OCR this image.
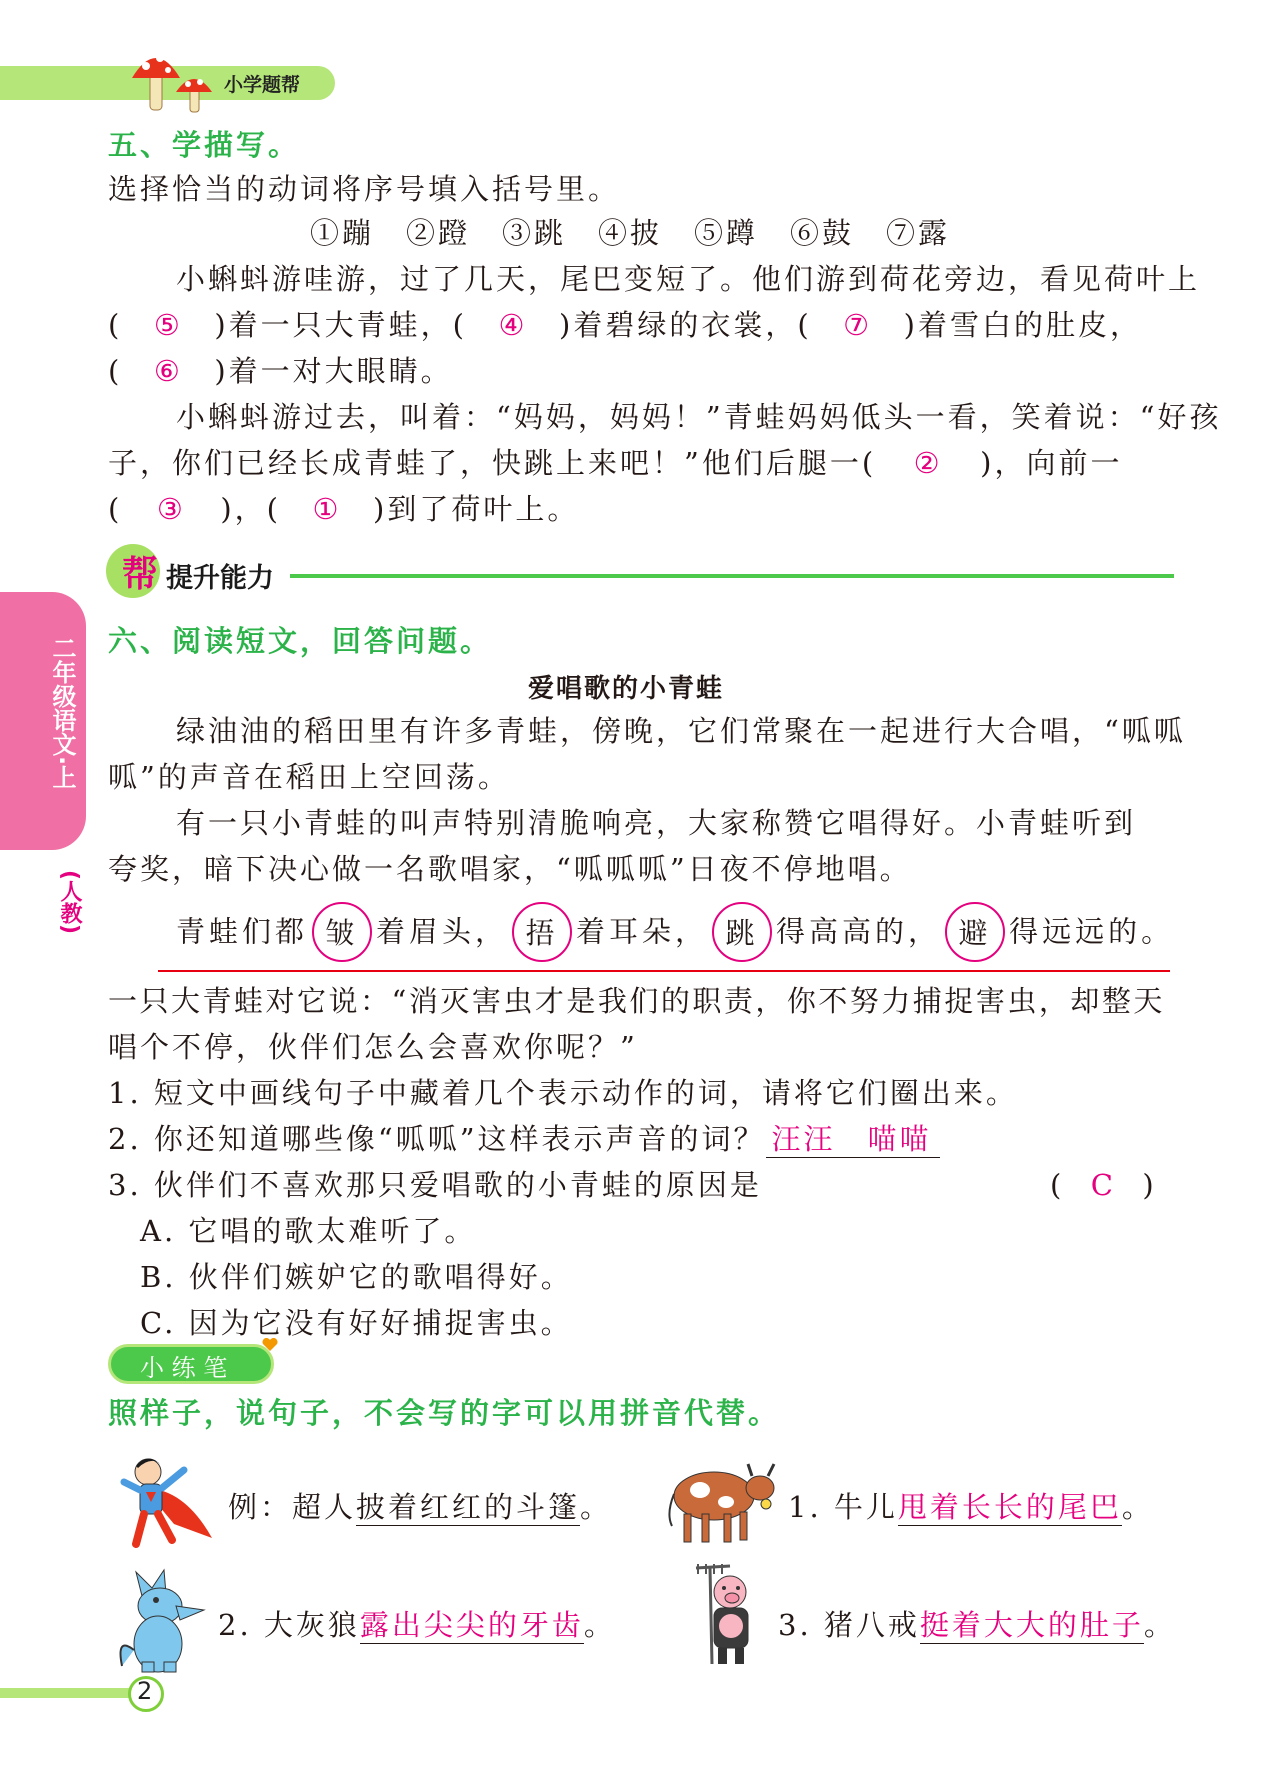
小学题帮
二年级语文·上
(人教)
五、学描写。
选择恰当的动词将序号填入括号里。
①蹦　②蹬　③跳　④披　⑤蹲　⑥鼓　⑦露
小蝌蚪游哇游，过了几天，尾巴变短了。他们游到荷花旁边，看见荷叶上
( ⑤ )着一只大青蛙，( ④ )着碧绿的衣裳，( ⑦ )着雪白的肚皮，
( ⑥ )着一对大眼睛。
小蝌蚪游过去，叫着：“妈妈，妈妈！”青蛙妈妈低头一看，笑着说：“好孩
子，你们已经长成青蛙了，快跳上来吧！”他们后腿一( ② )，向前一
( ③ )，( ① )到了荷叶上。
帮 提升能力
六、阅读短文，回答问题。
爱唱歌的小青蛙
绿油油的稻田里有许多青蛙，傍晚，它们常聚在一起进行大合唱，“呱呱
呱”的声音在稻田上空回荡。
有一只小青蛙的叫声特别清脆响亮，大家称赞它唱得好。小青蛙听到
夸奖，暗下决心做一名歌唱家，“呱呱呱”日夜不停地唱。
青蛙们都 皱 着眉头， 捂 着耳朵， 跳 得高高的， 避 得远远的。
一只大青蛙对它说：“消灭害虫才是我们的职责，你不努力捕捉害虫，却整天
唱个不停，伙伴们怎么会喜欢你呢？”
1. 短文中画线句子中藏着几个表示动作的词，请将它们圈出来。
2. 你还知道哪些像“呱呱”这样表示声音的词？ 汪汪　喵喵
3. 伙伴们不喜欢那只爱唱歌的小青蛙的原因是	( C )
A. 它唱的歌太难听了。
B. 伙伴们嫉妒它的歌唱得好。
C. 因为它没有好好捕捉害虫。
小 练 笔
照样子，说句子，不会写的字可以用拼音代替。
例：超人披着红红的斗篷。	1. 牛儿甩着长长的尾巴。
2. 大灰狼露出尖尖的牙齿。	3. 猪八戒挺着大大的肚子。
2
